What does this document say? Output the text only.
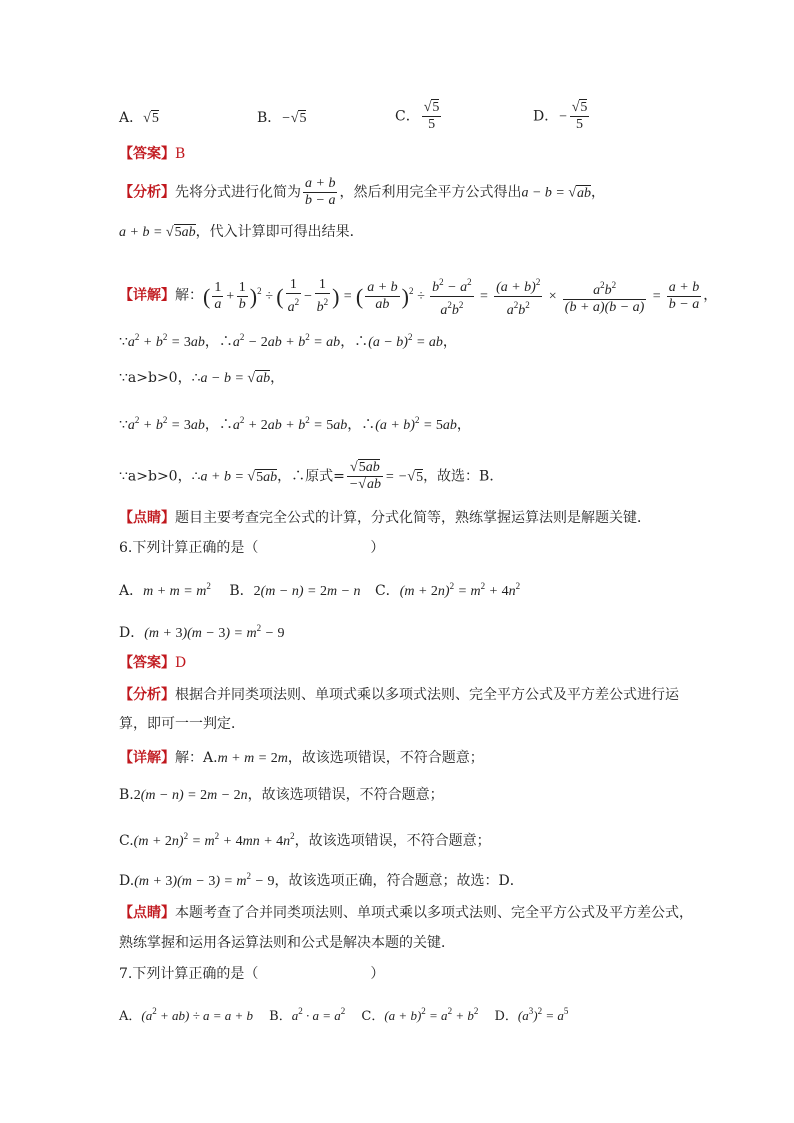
A．√5	B．−√5	C． $\frac{√5}{5}$	D．− $\frac{√5}{5}$
【答案】B
【分析】先将分式进行化简为 $\frac{a + b}{b - a}$ ，然后利用完全平方公式得出a − b = √ab，
a + b = √5ab，代入计算即可得出结果．
【详解】解：( $\frac{1}{a} + \frac{1}{b} )^2$ ÷ ( $\frac{1}{a^2} - \frac{1}{b^2}$ ) = ( $\frac{a + b}{ab} )^2 \div \frac{b^2 - a^2}{a^2b^2} = \frac{(a + b)^2}{a^2b^2} \times \frac{a^2b^2}{(b + a)(b - a)} = \frac{a + b}{b - a}$ ，
$\because a^2 + b^2 = 3ab$，$\therefore a^2 - 2ab + b^2$ = ab，∴(a − b)$^2$ = ab，
∵a>b>0，∴a − b = √ab，
$\because a^2 + b^2 = 3ab$，$\therefore a^2 + 2ab + b^2 = 5ab$，∴(a + b)$^2$ = 5ab，
∵a>b>0，∴a + b = √5ab，∴原式= $\frac{√5ab}{-√ab} = -√5$，故选：B．
【点睛】题目主要考查完全公式的计算，分式化简等，熟练掌握运算法则是解题关键．
6.下列计算正确的是（　　　　　　　　）
A．$m + m = m^2$ B．2(m − n) = 2m − n C．$(m + 2n)^2 = m^2 + 4n^2$
D．$(m + 3)(m - 3) = m^2 - 9$
【答案】D
【分析】根据合并同类项法则、单项式乘以多项式法则、完全平方公式及平方差公式进行运
算，即可一一判定．
【详解】解：A.m + m = 2m，故该选项错误，不符合题意；
B.2(m − n) = 2m − 2n，故该选项错误，不符合题意；
$C.(m + 2n)^2 = m^2 + 4mn + 4n^2$，故该选项错误，不符合题意；
$D.(m + 3)(m - 3) = m^2 - 9$，故该选项正确，符合题意；故选：D．
【点睛】本题考查了合并同类项法则、单项式乘以多项式法则、完全平方公式及平方差公式，
熟练掌握和运用各运算法则和公式是解决本题的关键．
7.下列计算正确的是（　　　　　　　　）
A．$(a^2 + ab) \div a = a + b$ B．$a^2 \cdot a = a^2$ C．$(a + b)^2 = a^2 + b^2$ D．$(a^3)^2 = a^5$
